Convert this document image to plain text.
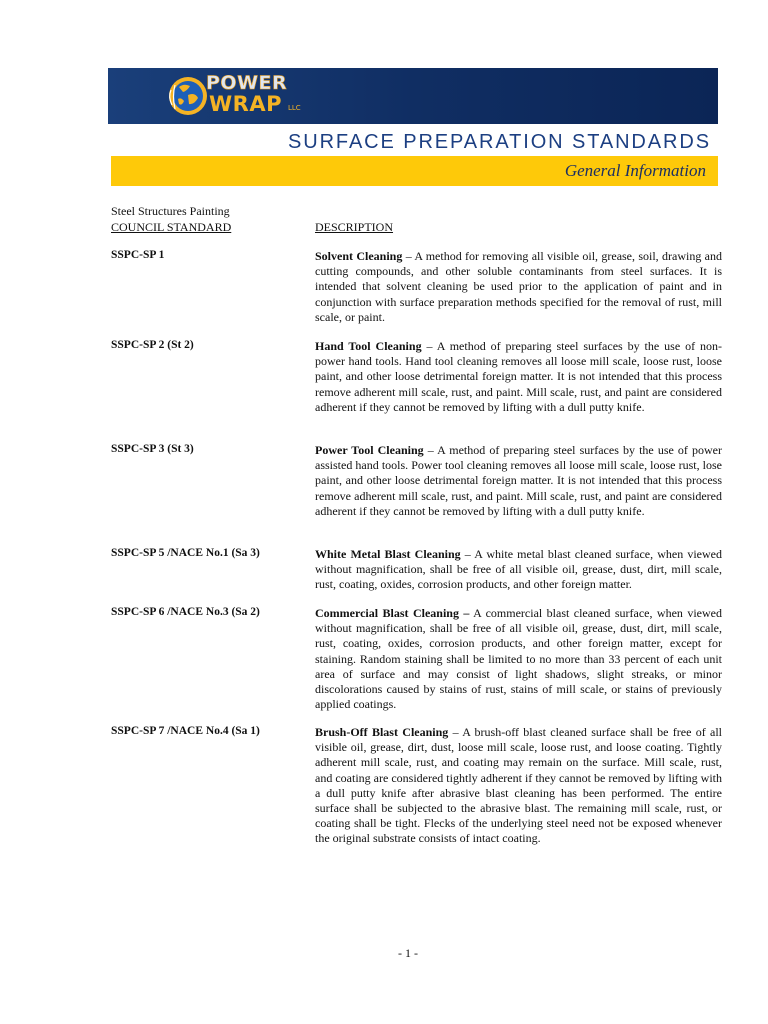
POWER
WRAP LLC
SURFACE PREPARATION STANDARDS
General Information
Steel Structures Painting
COUNCIL STANDARD	DESCRIPTION
SSPC-SP 1	Solvent Cleaning – A method for removing all visible oil, grease, soil, drawing and cutting compounds, and other soluble contaminants from steel surfaces. It is intended that solvent cleaning be used prior to the application of paint and in conjunction with surface preparation methods specified for the removal of rust, mill scale, or paint.
SSPC-SP 2 (St 2)	Hand Tool Cleaning – A method of preparing steel surfaces by the use of non-power hand tools. Hand tool cleaning removes all loose mill scale, loose rust, loose paint, and other loose detrimental foreign matter. It is not intended that this process remove adherent mill scale, rust, and paint. Mill scale, rust, and paint are considered adherent if they cannot be removed by lifting with a dull putty knife.
SSPC-SP 3 (St 3)	Power Tool Cleaning – A method of preparing steel surfaces by the use of power assisted hand tools. Power tool cleaning removes all loose mill scale, loose rust, lose paint, and other loose detrimental foreign matter. It is not intended that this process remove adherent mill scale, rust, and paint. Mill scale, rust, and paint are considered adherent if they cannot be removed by lifting with a dull putty knife.
SSPC-SP 5 /NACE No.1 (Sa 3)	White Metal Blast Cleaning – A white metal blast cleaned surface, when viewed without magnification, shall be free of all visible oil, grease, dust, dirt, mill scale, rust, coating, oxides, corrosion products, and other foreign matter.
SSPC-SP 6 /NACE No.3 (Sa 2)	Commercial Blast Cleaning – A commercial blast cleaned surface, when viewed without magnification, shall be free of all visible oil, grease, dust, dirt, mill scale, rust, coating, oxides, corrosion products, and other foreign matter, except for staining. Random staining shall be limited to no more than 33 percent of each unit area of surface and may consist of light shadows, slight streaks, or minor discolorations caused by stains of rust, stains of mill scale, or stains of previously applied coatings.
SSPC-SP 7 /NACE No.4 (Sa 1)	Brush-Off Blast Cleaning – A brush-off blast cleaned surface shall be free of all visible oil, grease, dirt, dust, loose mill scale, loose rust, and loose coating. Tightly adherent mill scale, rust, and coating may remain on the surface. Mill scale, rust, and coating are considered tightly adherent if they cannot be removed by lifting with a dull putty knife after abrasive blast cleaning has been performed. The entire surface shall be subjected to the abrasive blast. The remaining mill scale, rust, or coating shall be tight. Flecks of the underlying steel need not be exposed whenever the original substrate consists of intact coating.
- 1 -
